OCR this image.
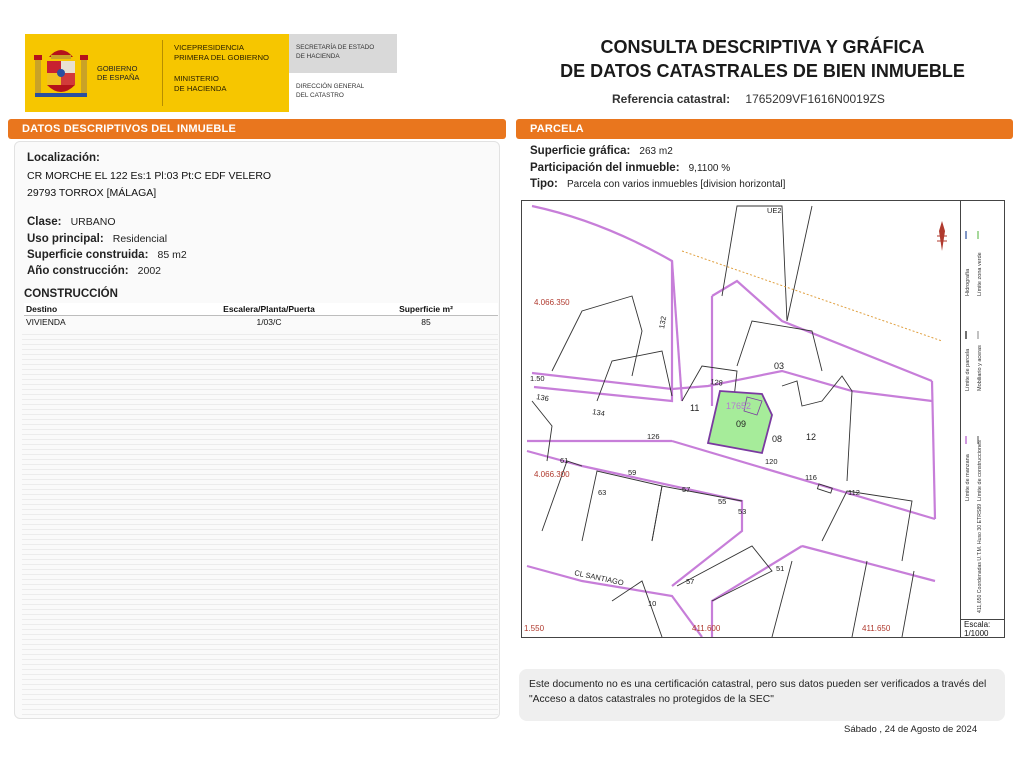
GOBIERNO
DE ESPAÑA
VICEPRESIDENCIA
PRIMERA DEL GOBIERNO
MINISTERIO
DE HACIENDA
SECRETARÍA DE ESTADO
DE HACIENDA
DIRECCIÓN GENERAL
DEL CATASTRO
CONSULTA DESCRIPTIVA Y GRÁFICA
DE DATOS CATASTRALES DE BIEN INMUEBLE
Referencia catastral: 1765209VF1616N0019ZS
DATOS DESCRIPTIVOS DEL INMUEBLE
Localización:
CR MORCHE EL 122 Es:1 Pl:03 Pt:C EDF VELERO
29793 TORROX [MÁLAGA]
Clase: URBANO
Uso principal: Residencial
Superficie construida: 85 m2
Año construcción: 2002
CONSTRUCCIÓN
Destino	Escalera/Planta/Puerta	Superficie m²
VIVIENDA	1/03/C	85
PARCELA
Superficie gráfica: 263 m2
Participación del inmueble: 9,1100 %
Tipo: Parcela con varios inmuebles [division horizontal]
4.066.350
4.066.300
1.550	411.600	411.650
UE2
CL SANTIAGO
17652
132
136
134
126
128
11
09
08	12
03
120
116
112
61
63
59
57
55
53
51
57
10
1.50
Hidrografía Límite zona verde
Límite de parcela Mobiliario y aceras
Límite de manzana Límite de construcciones
411,650 Coordenadas U.T.M. Huso 30 ETRS89
Escala:
1/1000
Este documento no es una certificación catastral, pero sus datos pueden ser verificados a través del "Acceso a datos catastrales no protegidos de la SEC"
Sábado , 24 de Agosto de 2024
